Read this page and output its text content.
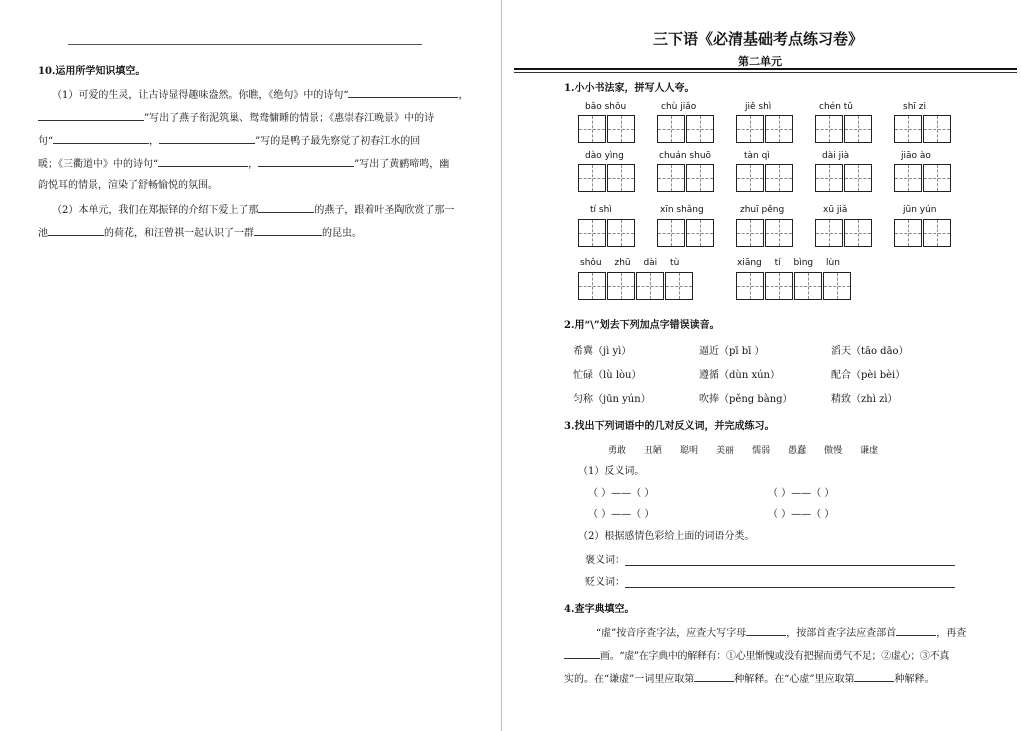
10.运用所学知识填空。
（1）可爱的生灵，让古诗显得趣味盎然。你瞧，《绝句》中的诗句“	，
”写出了燕子衔泥筑巢、鸳鸯慵睡的情景；《惠崇春江晚景》中的诗
句“	，	”写的是鸭子最先察觉了初春江水的回
暖；《三衢道中》中的诗句“	，	”写出了黄鹂啼鸣，幽
韵悦耳的情景，渲染了舒畅愉悦的氛围。
（2）本单元，我们在郑振铎的介绍下爱上了那	的燕子，跟着叶圣陶欣赏了那一
池	的荷花，和汪曾祺一起认识了一群	的昆虫。
三下语《必清基础考点练习卷》
第二单元
1.小小书法家，拼写人人夸。
bǎo shǒu	chù jiǎo	jiě shì	chén tǔ	shī zi
dào yìng	chuán shuō	tàn qì	dài jià	jiāo ào
tí shì	xīn shǎng	zhuī pěng	xū jiǎ	jūn yún
shǒu zhū dài tù	xiāng tí bìng lùn
2.用“\”划去下列加点字错误读音。
希冀（jì yì）	逼近（pī bī ）	滔天（tāo dāo）
忙碌（lù lòu）	遵循（dùn xún）	配合（pèi bèi）
匀称（jūn yún）	吹捧（pěng bàng）	精致（zhì zì）
3.找出下列词语中的几对反义词，并完成练习。
勇敢 丑陋 聪明 美丽 懦弱 愚蠢 傲慢 谦虚
（1）反义词。
（ ）——（ ）	（ ）——（ ）
（ ）——（ ）	（ ）——（ ）
（2）根据感情色彩给上面的词语分类。
褒义词：
贬义词：
4.查字典填空。
“虚”按音序查字法，应查大写字母	，按部首查字法应查部首	，再查
画。“虚”在字典中的解释有：①心里惭愧或没有把握而勇气不足；②虚心；③不真
实的。在“谦虚”一词里应取第	种解释。在“心虚”里应取第	种解释。
